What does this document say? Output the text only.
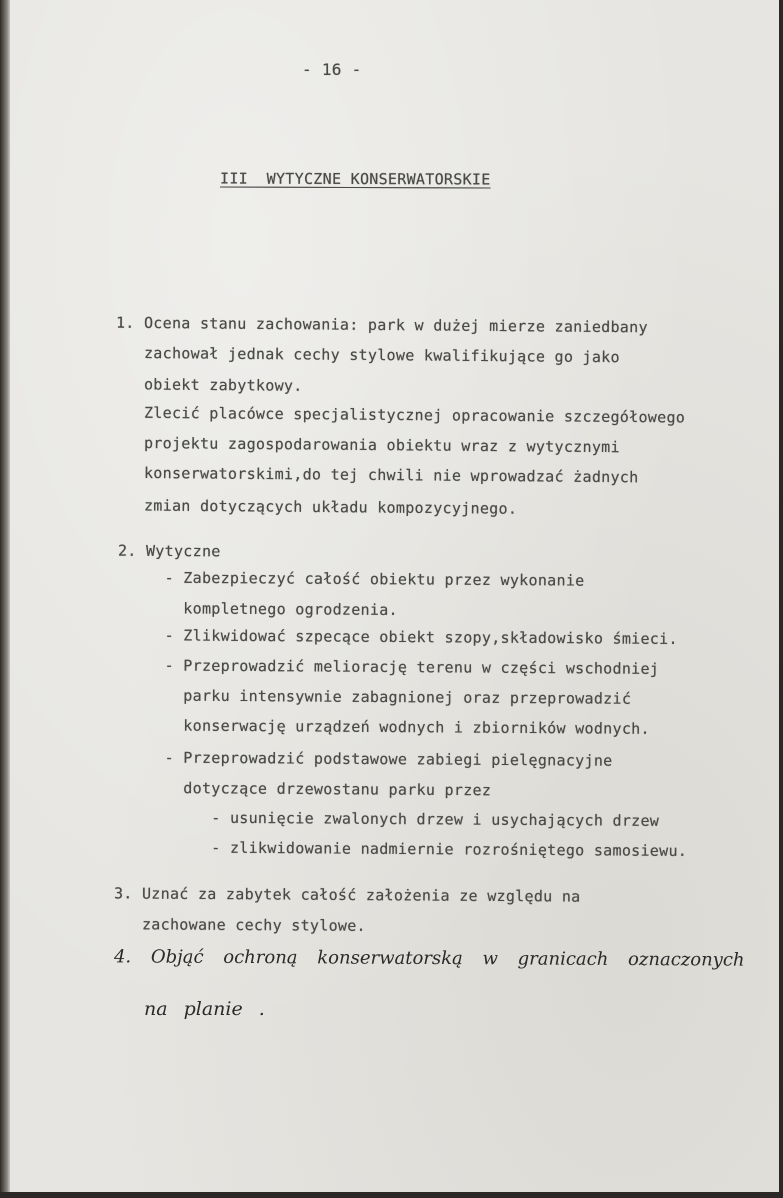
- 16 -
III  WYTYCZNE KONSERWATORSKIE
1. Ocena stanu zachowania: park w dużej mierze zaniedbany
zachował jednak cechy stylowe kwalifikujące go jako
obiekt zabytkowy.
Zlecić placówce specjalistycznej opracowanie szczegółowego
projektu zagospodarowania obiektu wraz z wytycznymi
konserwatorskimi,do tej chwili nie wprowadzać żadnych
zmian dotyczących układu kompozycyjnego.
2. Wytyczne
- Zabezpieczyć całość obiektu przez wykonanie
kompletnego ogrodzenia.
- Zlikwidować szpecące obiekt szopy,składowisko śmieci.
- Przeprowadzić meliorację terenu w części wschodniej
parku intensywnie zabagnionej oraz przeprowadzić
konserwację urządzeń wodnych i zbiorników wodnych.
- Przeprowadzić podstawowe zabiegi pielęgnacyjne
dotyczące drzewostanu parku przez
- usunięcie zwalonych drzew i usychających drzew
- zlikwidowanie nadmiernie rozrośniętego samosiewu.
3. Uznać za zabytek całość założenia ze względu na
zachowane cechy stylowe.
4. Objąć ochroną konserwatorską w granicach oznaczonych
na planie .
